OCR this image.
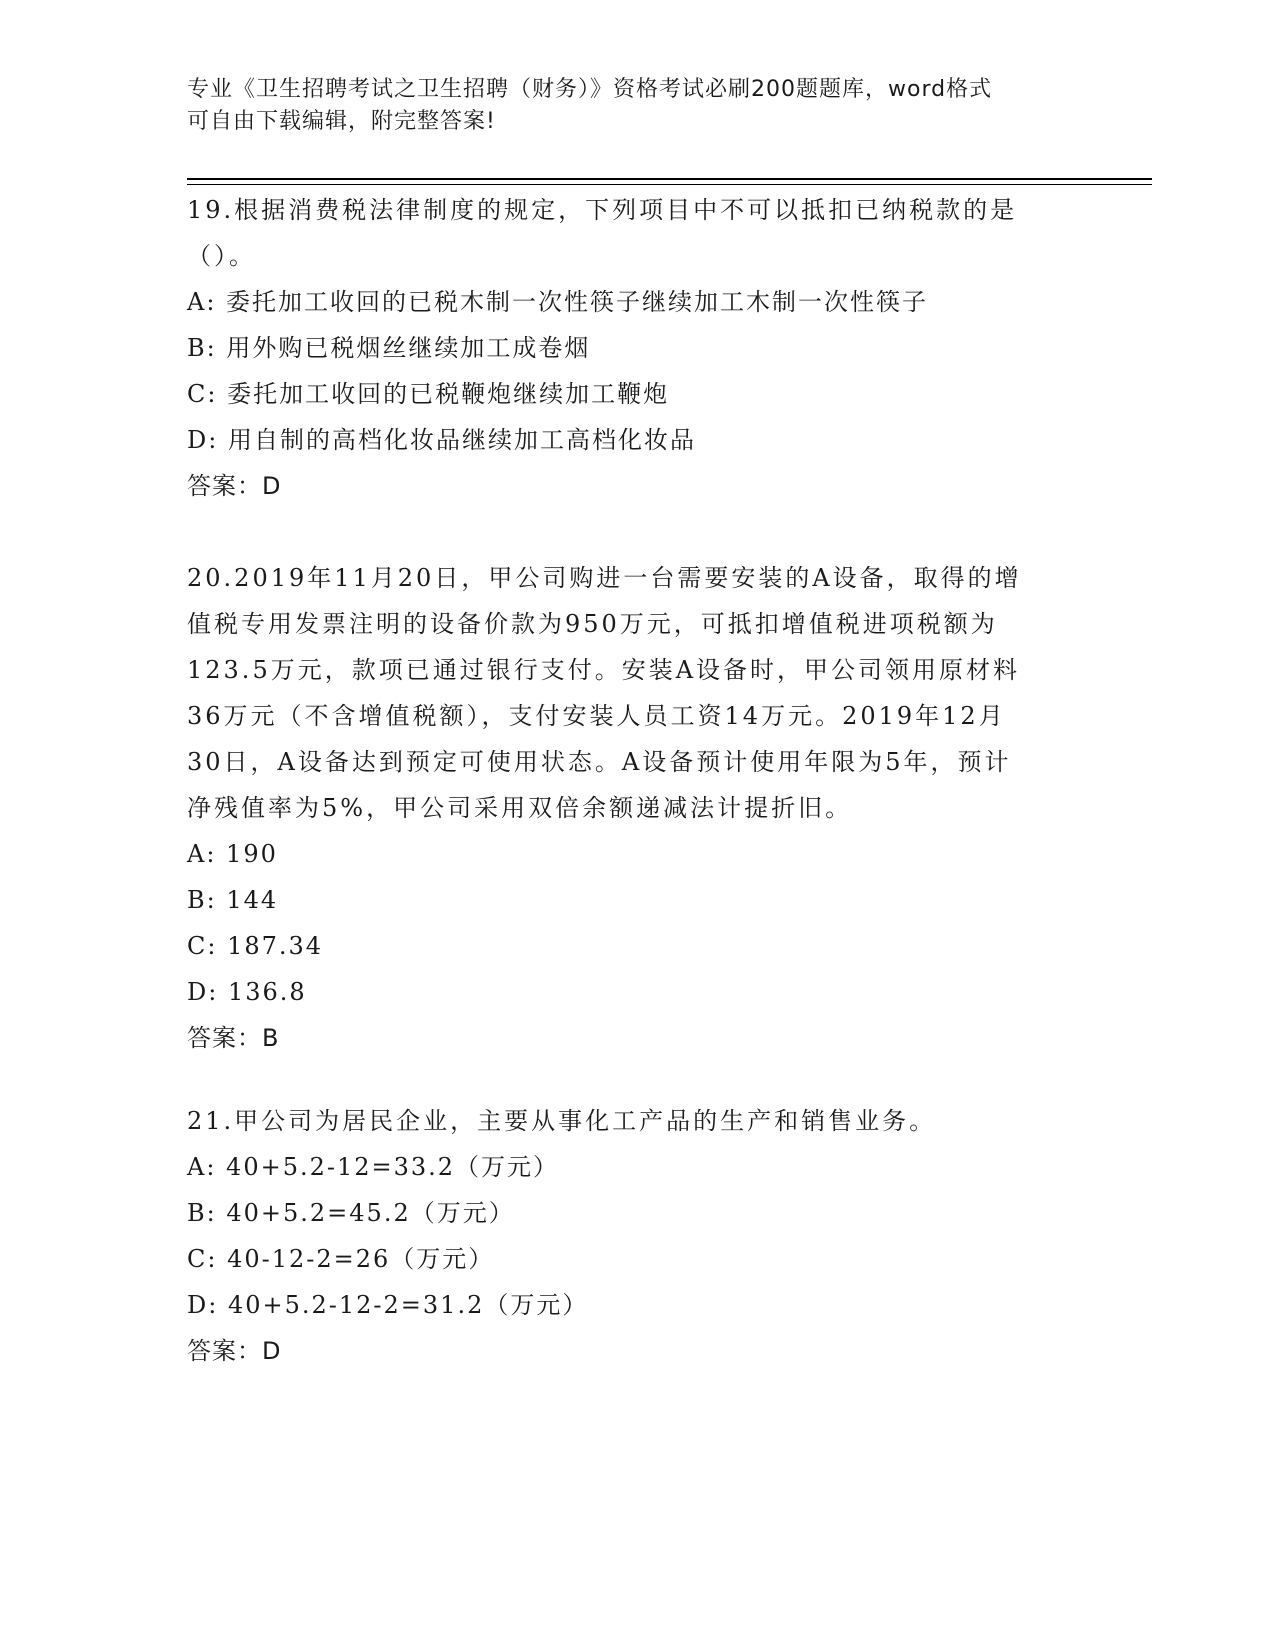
专业《卫生招聘考试之卫生招聘（财务）》资格考试必刷200题题库，word格式
可自由下载编辑，附完整答案!
19.根据消费税法律制度的规定，下列项目中不可以抵扣已纳税款的是
（）。
A: 委托加工收回的已税木制一次性筷子继续加工木制一次性筷子
B: 用外购已税烟丝继续加工成卷烟
C: 委托加工收回的已税鞭炮继续加工鞭炮
D: 用自制的高档化妆品继续加工高档化妆品
答案：D
20.2019年11月20日，甲公司购进一台需要安装的A设备，取得的增
值税专用发票注明的设备价款为950万元，可抵扣增值税进项税额为
123.5万元，款项已通过银行支付。安装A设备时，甲公司领用原材料
36万元（不含增值税额），支付安装人员工资14万元。2019年12月
30日，A设备达到预定可使用状态。A设备预计使用年限为5年，预计
净残值率为5%，甲公司采用双倍余额递减法计提折旧。
A: 190
B: 144
C: 187.34
D: 136.8
答案：B
21.甲公司为居民企业，主要从事化工产品的生产和销售业务。
A: 40+5.2-12=33.2（万元）
B: 40+5.2=45.2（万元）
C: 40-12-2=26（万元）
D: 40+5.2-12-2=31.2（万元）
答案：D
